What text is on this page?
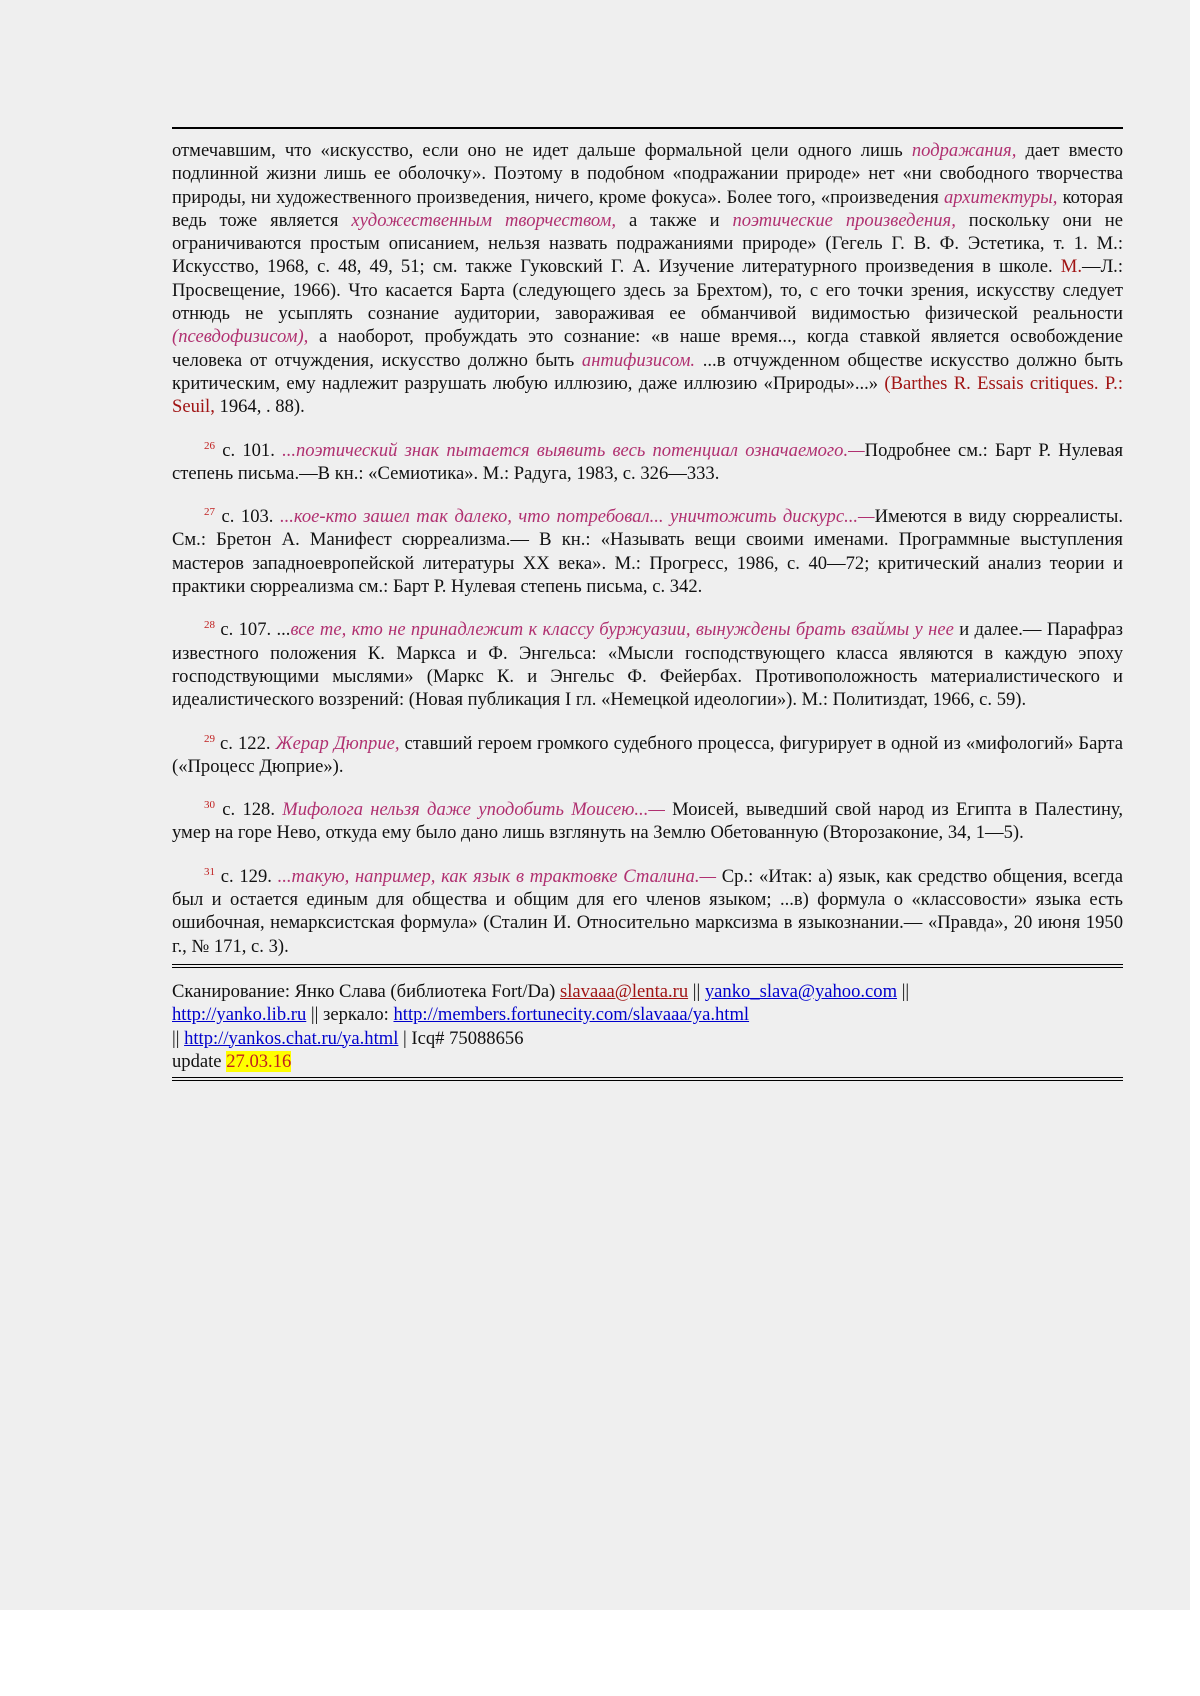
отмечавшим, что «искусство, если оно не идет дальше формальной цели одного лишь подражания, дает вместо подлинной жизни лишь ее оболочку». Поэтому в подобном «подражании природе» нет «ни свободного творчества природы, ни художественного произведения, ничего, кроме фокуса». Более того, «произведения архитектуры, которая ведь тоже является художественным творчеством, а также и поэтические произведения, поскольку они не ограничиваются простым описанием, нельзя назвать подражаниями природе» (Гегель Г. В. Ф. Эстетика, т. 1. М.: Искусство, 1968, с. 48, 49, 51; см. также Гуковский Г. А. Изучение литературного произведения в школе. М.—Л.: Просвещение, 1966). Что касается Барта (следующего здесь за Брехтом), то, с его точки зрения, искусству следует отнюдь не усыплять сознание аудитории, завораживая ее обманчивой видимостью физической реальности (псевдофизисом), а наоборот, пробуждать это сознание: «в наше время..., когда ставкой является освобождение человека от отчуждения, искусство должно быть антифизисом. ...в отчужденном обществе искусство должно быть критическим, ему надлежит разрушать любую иллюзию, даже иллюзию «Природы»...» (Barthes R. Essais critiques. P.: Seuil, 1964, . 88).

$^{26}$ с. 101. ...поэтический знак пытается выявить весь потенциал означаемого.—Подробнее см.: Барт Р. Нулевая степень письма.—В кн.: «Семиотика». М.: Радуга, 1983, с. 326—333.

$^{27}$ с. 103. ...кое-кто зашел так далеко, что потребовал... уничтожить дискурс...—Имеются в виду сюрреалисты. См.: Бретон А. Манифест сюрреализма.— В кн.: «Называть вещи своими именами. Программные выступления мастеров западноевропейской литературы XX века». М.: Прогресс, 1986, с. 40—72; критический анализ теории и практики сюрреализма см.: Барт Р. Нулевая степень письма, с. 342.

$^{28}$ с. 107. ...все те, кто не принадлежит к классу буржуазии, вынуждены брать взаймы у нее и далее.— Парафраз известного положения К. Маркса и Ф. Энгельса: «Мысли господствующего класса являются в каждую эпоху господствующими мыслями» (Маркс К. и Энгельс Ф. Фейербах. Противоположность материалистического и идеалистического воззрений: (Новая публикация I гл. «Немецкой идеологии»). М.: Политиздат, 1966, с. 59).

$^{29}$ с. 122. Жерар Дюприе, ставший героем громкого судебного процесса, фигурирует в одной из «мифологий» Барта («Процесс Дюприе»).

$^{30}$ с. 128. Мифолога нельзя даже уподобить Моисею...— Моисей, выведший свой народ из Египта в Палестину, умер на горе Нево, откуда ему было дано лишь взглянуть на Землю Обетованную (Второзаконие, 34, 1—5).

$^{31}$ с. 129. ...такую, например, как язык в трактовке Сталина.— Ср.: «Итак: а) язык, как средство общения, всегда был и остается единым для общества и общим для его членов языком; ...в) формула о «классовости» языка есть ошибочная, немарксистская формула» (Сталин И. Относительно марксизма в языкознании.— «Правда», 20 июня 1950 г., № 171, с. 3).

Сканирование: Янко Слава (библиотека Fort/Da) slavaaa@lenta.ru || yanko_slava@yahoo.com ||

http://yanko.lib.ru || зеркало: http://members.fortunecity.com/slavaaa/ya.html

|| http://yankos.chat.ru/ya.html | Icq# 75088656

update 27.03.16
